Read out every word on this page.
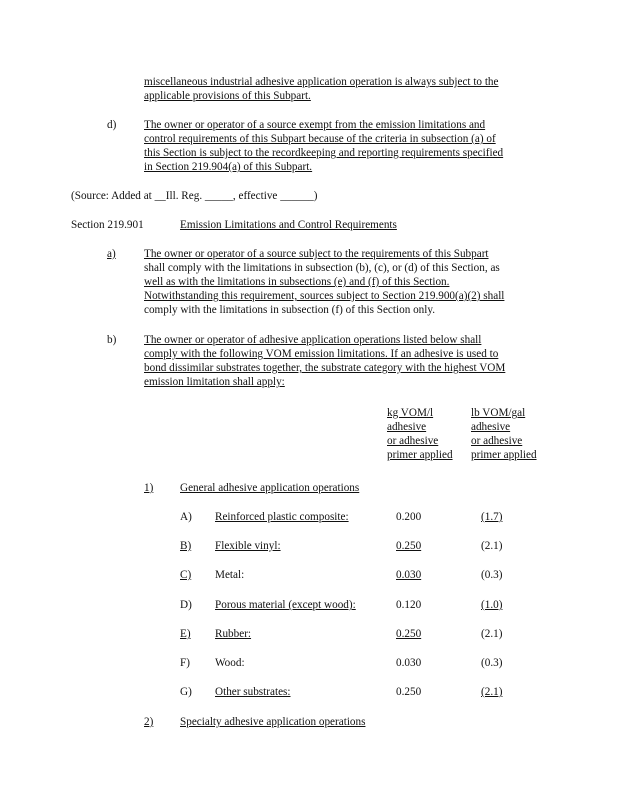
miscellaneous industrial adhesive application operation is always subject to the
applicable provisions of this Subpart.
d) The owner or operator of a source exempt from the emission limitations and
control requirements of this Subpart because of the criteria in subsection (a) of
this Section is subject to the recordkeeping and reporting requirements specified
in Section 219.904(a) of this Subpart.
(Source: Added at __Ill. Reg. _____, effective ______)
Section 219.901	Emission Limitations and Control Requirements
a)	The owner or operator of a source subject to the requirements of this Subpart
shall comply with the limitations in subsection (b), (c), or (d) of this Section, as
well as with the limitations in subsections (e) and (f) of this Section.
Notwithstanding this requirement, sources subject to Section 219.900(a)(2) shall
comply with the limitations in subsection (f) of this Section only.
b) The owner or operator of adhesive application operations listed below shall
comply with the following VOM emission limitations. If an adhesive is used to
bond dissimilar substrates together, the substrate category with the highest VOM
emission limitation shall apply:
kg VOM/l
adhesive
or adhesive
primer applied
lb VOM/gal
adhesive
or adhesive
primer applied
1) General adhesive application operations
A) Reinforced plastic composite:	0.200	(1.7)
B) Flexible vinyl:	0.250	(2.1)
C) Metal:	0.030	(0.3)
D) Porous material (except wood):	0.120	(1.0)
E) Rubber:	0.250	(2.1)
F) Wood:	0.030	(0.3)
G) Other substrates:	0.250	(2.1)
2) Specialty adhesive application operations
